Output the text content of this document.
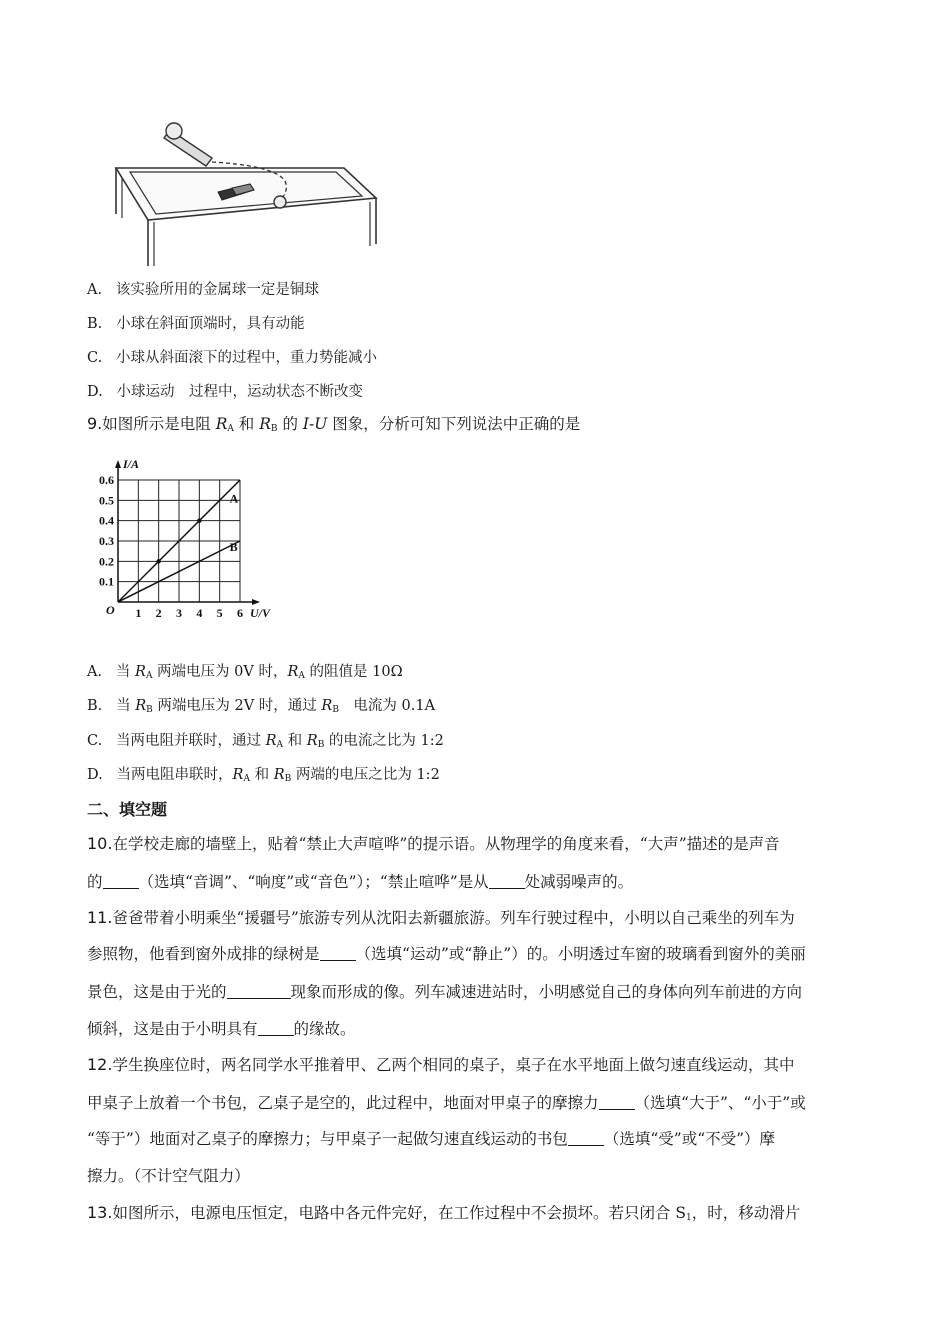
A. 该实验所用的金属球一定是铜球
B. 小球在斜面顶端时，具有动能
C. 小球从斜面滚下的过程中，重力势能减小
D. 小球运动　过程中，运动状态不断改变
9.如图所示是电阻 $R_A$ 和 $R_B$ 的 I-U 图象，分析可知下列说法中正确的是
1 2 3 4 5 6
0.1
0.2
0.3
0.4
0.5
0.6
O	U/V
I/A
A
B
A. 当 $R_A$ 两端电压为 0V 时，$R_A$ 的阻值是 10Ω
B. 当 $R_B$ 两端电压为 2V 时，通过 $R_B$　电流为 0.1A
C. 当两电阻并联时，通过 $R_A$ 和 $R_B$ 的电流之比为 1:2
D. 当两电阻串联时，$R_A$ 和 $R_B$ 两端的电压之比为 1:2
二、填空题
10.在学校走廊的墙壁上，贴着“禁止大声喧哗”的提示语。从物理学的角度来看，“大声”描述的是声音
的 （选填“音调”、“响度”或“音色”）；“禁止喧哗”是从 处减弱噪声的。
11.爸爸带着小明乘坐“援疆号”旅游专列从沈阳去新疆旅游。列车行驶过程中，小明以自己乘坐的列车为
参照物，他看到窗外成排的绿树是 （选填“运动”或“静止”）的。小明透过车窗的玻璃看到窗外的美丽
景色，这是由于光的	现象而形成的像。列车减速进站时，小明感觉自己的身体向列车前进的方向
倾斜，这是由于小明具有 的缘故。
12.学生换座位时，两名同学水平推着甲、乙两个相同的桌子，桌子在水平地面上做匀速直线运动，其中
甲桌子上放着一个书包，乙桌子是空的，此过程中，地面对甲桌子的摩擦力 （选填“大于”、“小于”或
“等于”）地面对乙桌子的摩擦力；与甲桌子一起做匀速直线运动的书包 （选填“受”或“不受”）摩
擦力。（不计空气阻力）
13.如图所示，电源电压恒定，电路中各元件完好，在工作过程中不会损坏。若只闭合 $S_1$，时，移动滑片
